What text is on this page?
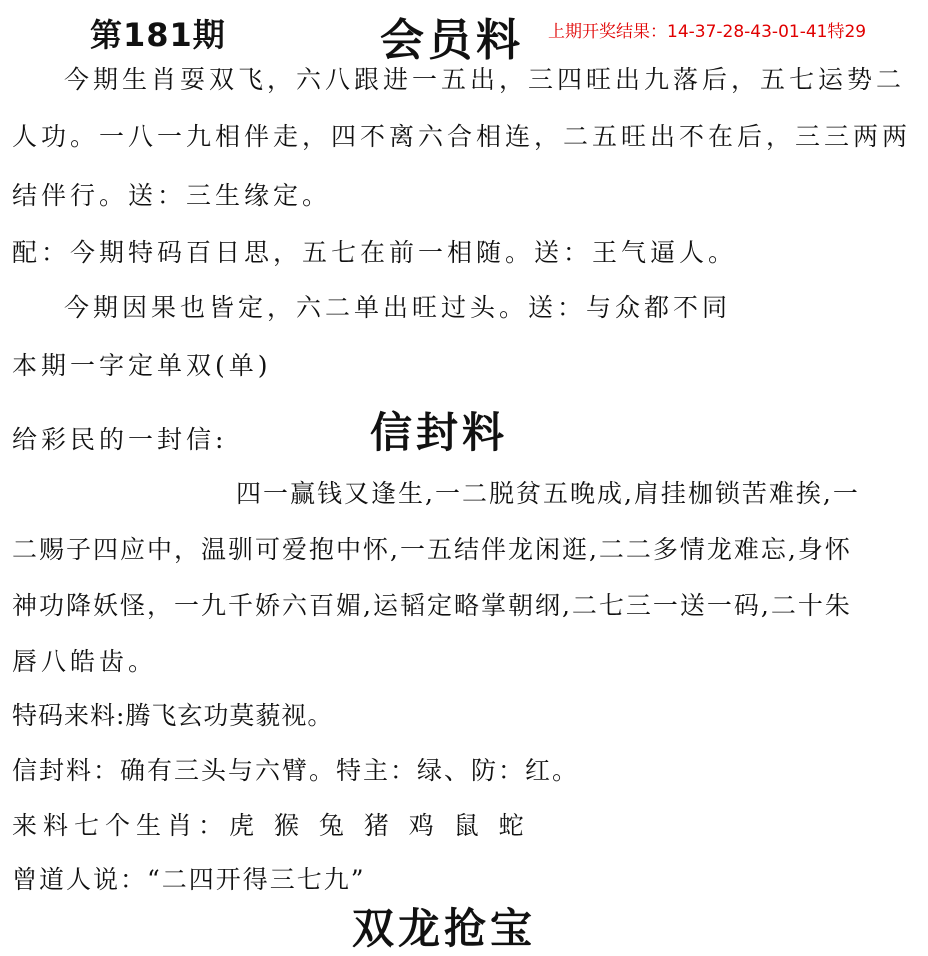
第181期	会员料 上期开奖结果：14-37-28-43-01-41特29
今期生肖耍双飞，六八跟进一五出，三四旺出九落后，五七运势二
人功。一八一九相伴走，四不离六合相连，二五旺出不在后，三三两两
结伴行。送：三生缘定。
配：今期特码百日思，五七在前一相随。送：王气逼人。
今期因果也皆定，六二单出旺过头。送：与众都不同
本期一字定单双(单)
给彩民的一封信:	信封料
四一赢钱又逢生,一二脱贫五晚成,肩挂枷锁苦难挨,一
二赐子四应中，温驯可爱抱中怀,一五结伴龙闲逛,二二多情龙难忘,身怀
神功降妖怪，一九千娇六百媚,运韬定略掌朝纲,二七三一送一码,二十朱
唇八皓齿。
特码来料:腾飞玄功莫藐视。
信封料：确有三头与六臂。特主：绿、防：红。
来料七个生肖：虎 猴 兔 猪 鸡 鼠 蛇
曾道人说：“二四开得三七九”
双龙抢宝
